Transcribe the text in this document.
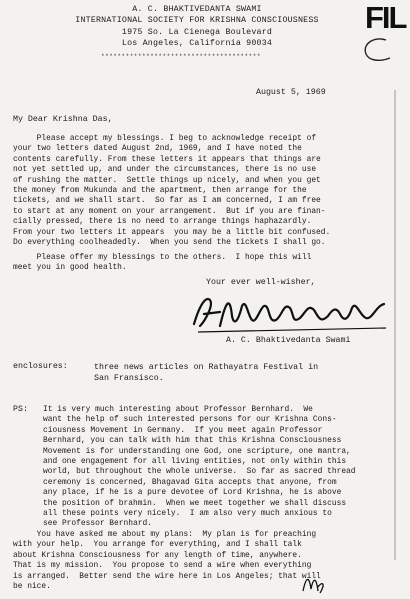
A. C. BHAKTIVEDANTA SWAMI
INTERNATIONAL SOCIETY FOR KRISHNA CONSCIOUSNESS
1975 So. La Cienega Boulevard
Los Angeles, California 90034
***************************************
FIL
August 5, 1969
My Dear Krishna Das,
Please accept my blessings. I beg to acknowledge receipt of
your two letters dated August 2nd, 1969, and I have noted the
contents carefully. From these letters it appears that things are
not yet settled up, and under the circumstances, there is no use
of rushing the matter.  Settle things up nicely, and when you get
the money from Mukunda and the apartment, then arrange for the
tickets, and we shall start.  So far as I am concerned, I am free
to start at any moment on your arrangement.  But if you are finan-
cially pressed, there is no need to arrange things haphazardly.
From your two letters it appears  you may be a little bit confused.
Do everything coolheadedly.  When you send the tickets I shall go.
Please offer my blessings to the others.  I hope this will
meet you in good health.
Your ever well-wisher,
A. C. Bhaktivedanta Swami
enclosures:	three news articles on Rathayatra Festival in
San Fransisco.
PS: It is very much interesting about Professor Bernhard.  We
want the help of such interested persons for our Krishna Cons-
ciousness Movement in Germany.  If you meet again Professor
Bernhard, you can talk with him that this Krishna Consciousness
Movement is for understanding one God, one scripture, one mantra,
and one engagement for all living entities, not only within this
world, but throughout the whole universe.  So far as sacred thread
ceremony is concerned, Bhagavad Gita accepts that anyone, from
any place, if he is a pure devotee of Lord Krishna, he is above
the position of brahmin.  When we meet together we shall discuss
all these points very nicely.  I am also very much anxious to
see Professor Bernhard.
You have asked me about my plans:  My plan is for preaching
with your help.  You arrange for everything, and I shall talk
about Krishna Consciousness for any length of time, anywhere.
That is my mission.  You propose to send a wire when everything
is arranged.  Better send the wire here in Los Angeles; that will
be nice.
